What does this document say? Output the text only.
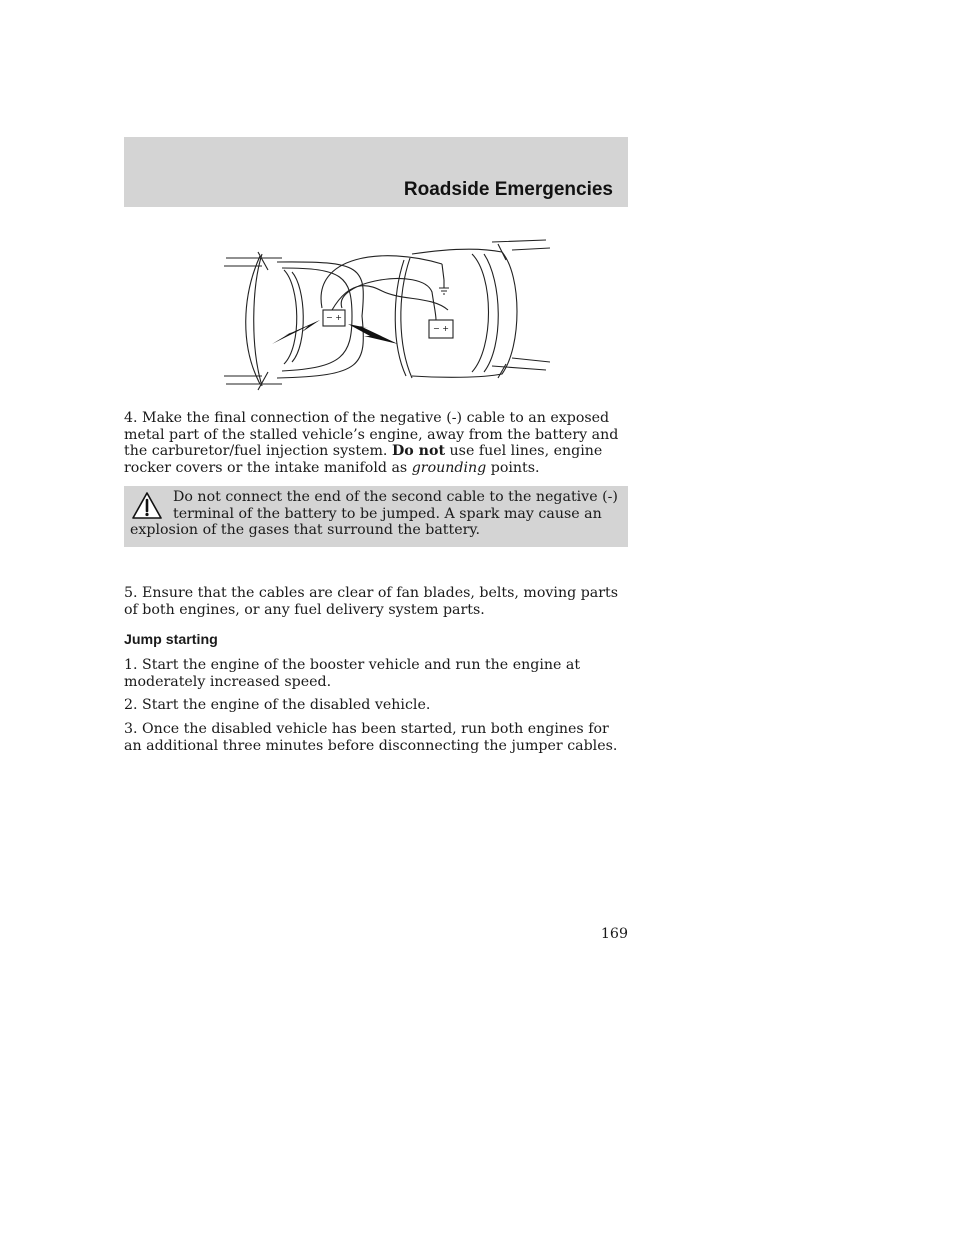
Roadside Emergencies
− +
− +

4. Make the final connection of the negative (-) cable to an exposed metal part of the stalled vehicle’s engine, away from the battery and the carburetor/fuel injection system. Do not use fuel lines, engine rocker covers or the intake manifold as grounding points.

Do not connect the end of the second cable to the negative (-) terminal of the battery to be jumped. A spark may cause an explosion of the gases that surround the battery.

5. Ensure that the cables are clear of fan blades, belts, moving parts of both engines, or any fuel delivery system parts.

Jump starting

1. Start the engine of the booster vehicle and run the engine at moderately increased speed.

2. Start the engine of the disabled vehicle.

3. Once the disabled vehicle has been started, run both engines for an additional three minutes before disconnecting the jumper cables.

169
